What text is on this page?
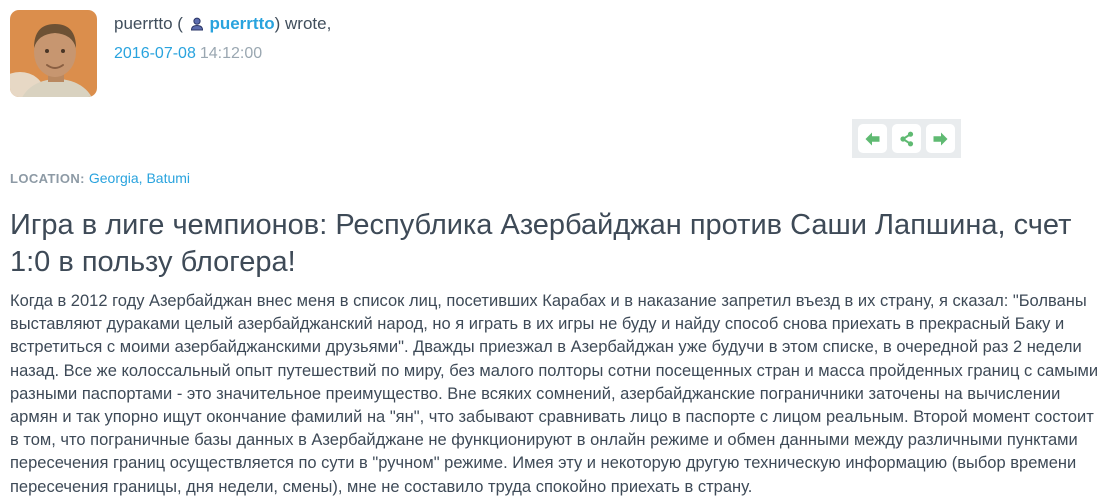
puerrtto ( puerrtto) wrote,
2016-07-08 14:12:00
LOCATION: Georgia, Batumi
Игра в лиге чемпионов: Республика Азербайджан против Саши Лапшина, счет 1:0 в пользу блогера!

Когда в 2012 году Азербайджан внес меня в список лиц, посетивших Карабах и в наказание запретил въезд в их страну, я сказал: "Болваны выставляют дураками целый азербайджанский народ, но я играть в их игры не буду и найду способ снова приехать в прекрасный Баку и встретиться с моими азербайджанскими друзьями". Дважды приезжал в Азербайджан уже будучи в этом списке, в очередной раз 2 недели назад. Все же колоссальный опыт путешествий по миру, без малого полторы сотни посещенных стран и масса пройденных границ с самыми разными паспортами - это значительное преимущество. Вне всяких сомнений, азербайджанские пограничники заточены на вычислении армян и так упорно ищут окончание фамилий на "ян", что забывают сравнивать лицо в паспорте с лицом реальным. Второй момент состоит в том, что пограничные базы данных в Азербайджане не функционируют в онлайн режиме и обмен данными между различными пунктами пересечения границ осуществляется по сути в "ручном" режиме. Имея эту и некоторую другую техническую информацию (выбор времени пересечения границы, дня недели, смены), мне не составило труда спокойно приехать в страну.
